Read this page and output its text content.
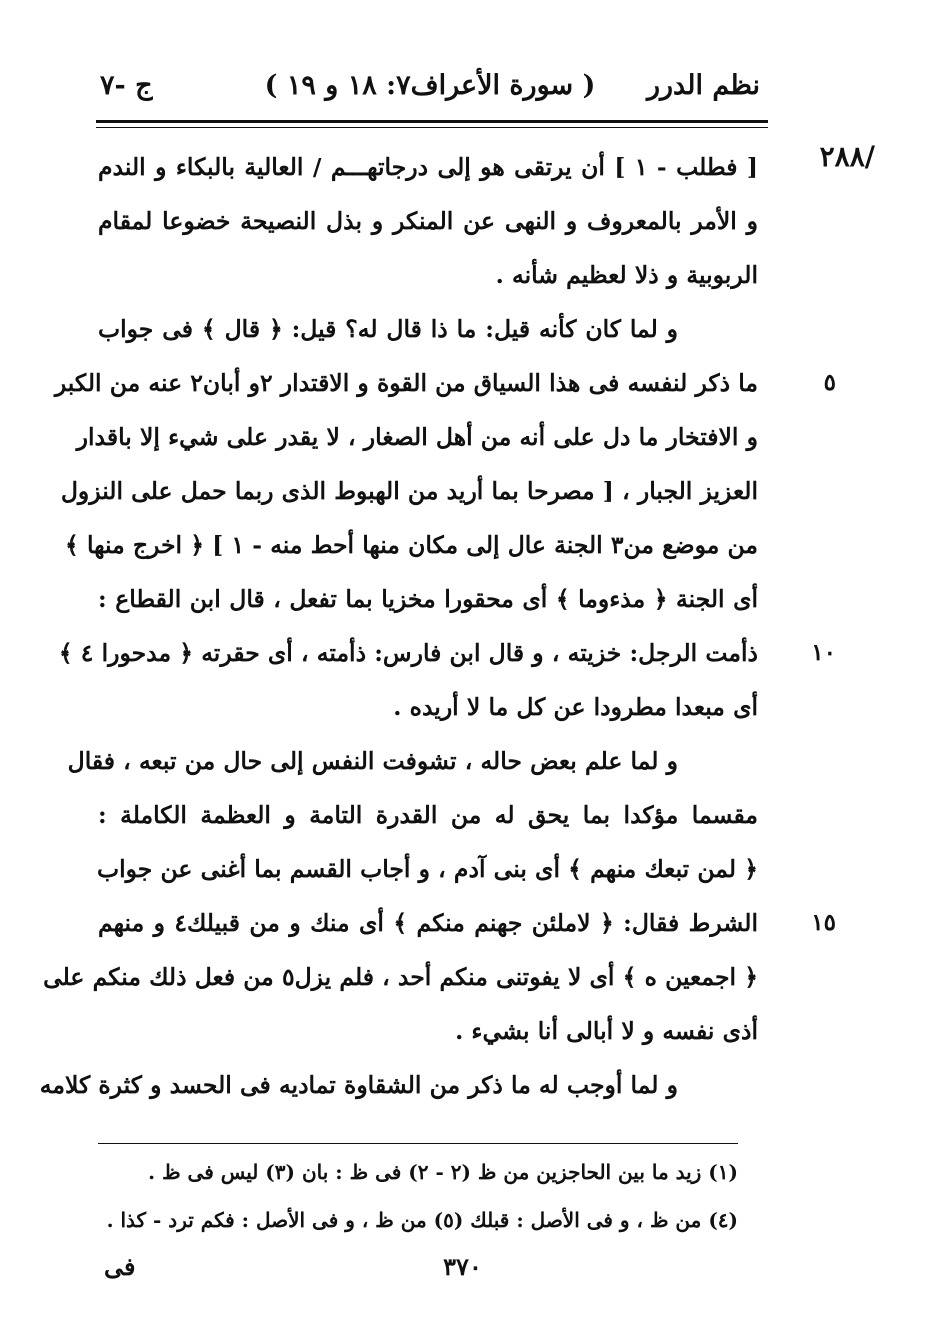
نظم الدرر
( سورة الأعراف٧: ١٨ و ١٩ )
ج -٧
/٢٨٨
[ فطلب - ١ ] أن يرتقى هو إلى درجاتهـــم / العالية بالبكاء و الندم
و الأمر بالمعروف و النهى عن المنكر و بذل النصيحة خضوعا لمقام
الربوبية و ذلا لعظيم شأنه .
و لما كان كأنه قيل: ما ذا قال له؟ قيل: ﴿ قال ﴾ فى جواب
ما ذكر لنفسه فى هذا السياق من القوة و الاقتدار ٢و أبان٢ عنه من الكبر	٥
و الافتخار ما دل على أنه من أهل الصغار ، لا يقدر على شيء إلا باقدار
العزيز الجبار ، [ مصرحا بما أريد من الهبوط الذى ربما حمل على النزول
من موضع من٣ الجنة عال إلى مكان منها أحط منه - ١ ] ﴿ اخرج منها ﴾
أى الجنة ﴿ مذءوما ﴾ أى محقورا مخزيا بما تفعل ، قال ابن القطاع :
ذأمت الرجل: خزيته ، و قال ابن فارس: ذأمته ، أى حقرته ﴿ مدحورا ٤ ﴾ ١٠
أى مبعدا مطرودا عن كل ما لا أريده .
و لما علم بعض حاله ، تشوفت النفس إلى حال من تبعه ، فقال
مقسما مؤكدا بما يحق له من القدرة التامة و العظمة الكاملة :
﴿ لمن تبعك منهم ﴾ أى بنى آدم ، و أجاب القسم بما أغنى عن جواب
الشرط فقال: ﴿ لاملئن جهنم منكم ﴾ أى منك و من قبيلك٤ و منهم ١٥
﴿ اجمعين ه ﴾ أى لا يفوتنى منكم أحد ، فلم يزل٥ من فعل ذلك منكم على
أذى نفسه و لا أبالى أنا بشيء .
و لما أوجب له ما ذكر من الشقاوة تماديه فى الحسد و كثرة كلامه
(١) زيد ما بين الحاجزين من ظ (٢ - ٢) فى ظ : بان (٣) ليس فى ظ .
(٤) من ظ ، و فى الأصل : قبلك (٥) من ظ ، و فى الأصل : فكم ترد - كذا .
٣٧٠
فى
